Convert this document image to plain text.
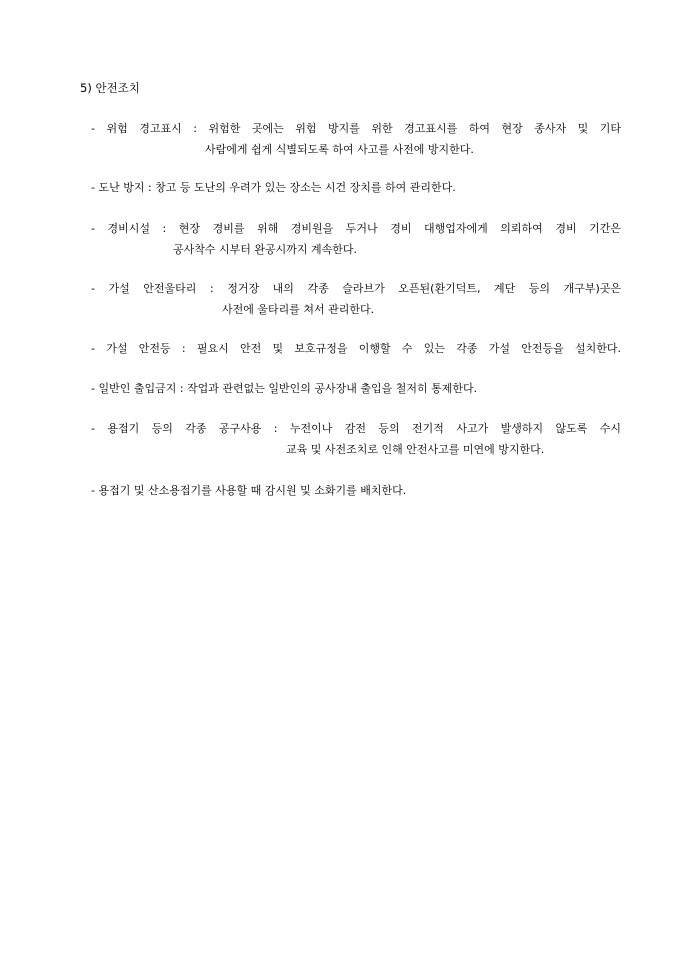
5) 안전조치
- 위험 경고표시 : 위험한 곳에는 위험 방지를 위한 경고표시를 하여 현장 종사자 및 기타
사람에게 쉽게 식별되도록 하여 사고를 사전에 방지한다.
- 도난 방지 : 창고 등 도난의 우려가 있는 장소는 시건 장치를 하여 관리한다.
- 경비시설 : 현장 경비를 위해 경비원을 두거나 경비 대행업자에게 의뢰하여 경비 기간은
공사착수 시부터 완공시까지 계속한다.
- 가설 안전울타리 : 정거장 내의 각종 슬라브가 오픈된(환기덕트, 계단 등의 개구부)곳은
사전에 울타리를 쳐서 관리한다.
- 가설 안전등 : 필요시 안전 및 보호규정을 이행할 수 있는 각종 가설 안전등을 설치한다.
- 일반인 출입금지 : 작업과 관련없는 일반인의 공사장내 출입을 철저히 통제한다.
- 용접기 등의 각종 공구사용 : 누전이나 감전 등의 전기적 사고가 발생하지 않도록 수시
교육 및 사전조치로 인해 안전사고를 미연에 방지한다.
- 용접기 및 산소용접기를 사용할 때 감시원 및 소화기를 배치한다.
